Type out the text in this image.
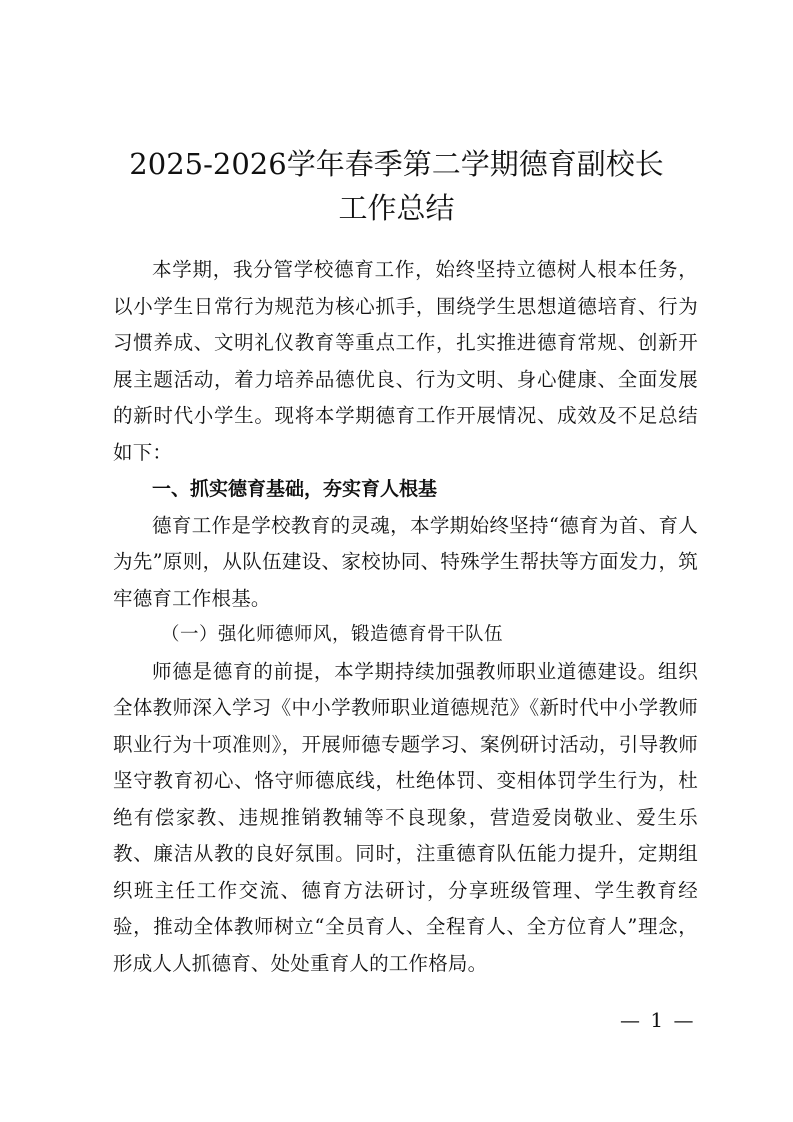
2025-2026学年春季第二学期德育副校长
工作总结

本学期，我分管学校德育工作，始终坚持立德树人根本任务，以小学生日常行为规范为核心抓手，围绕学生思想道德培育、行为习惯养成、文明礼仪教育等重点工作，扎实推进德育常规、创新开展主题活动，着力培养品德优良、行为文明、身心健康、全面发展的新时代小学生。现将本学期德育工作开展情况、成效及不足总结如下：

一、抓实德育基础，夯实育人根基

德育工作是学校教育的灵魂，本学期始终坚持“德育为首、育人为先”原则，从队伍建设、家校协同、特殊学生帮扶等方面发力，筑牢德育工作根基。

（一）强化师德师风，锻造德育骨干队伍

师德是德育的前提，本学期持续加强教师职业道德建设。组织全体教师深入学习《中小学教师职业道德规范》《新时代中小学教师职业行为十项准则》，开展师德专题学习、案例研讨活动，引导教师坚守教育初心、恪守师德底线，杜绝体罚、变相体罚学生行为，杜绝有偿家教、违规推销教辅等不良现象，营造爱岗敬业、爱生乐教、廉洁从教的良好氛围。同时，注重德育队伍能力提升，定期组织班主任工作交流、德育方法研讨，分享班级管理、学生教育经验，推动全体教师树立“全员育人、全程育人、全方位育人”理念，形成人人抓德育、处处重育人的工作格局。

— 1 —
